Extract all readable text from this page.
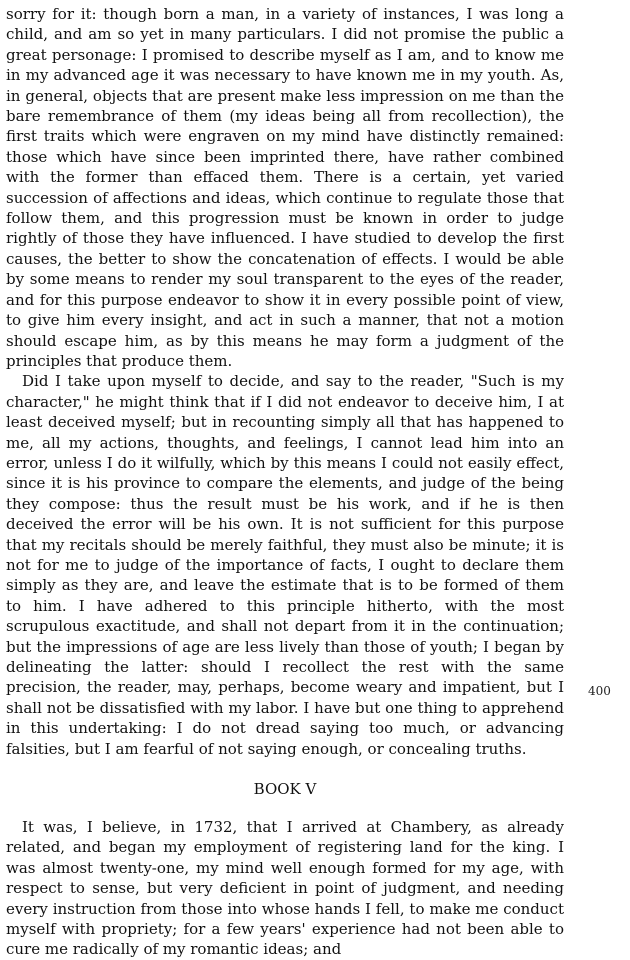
sorry for it: though born a man, in a variety of instances, I was long a child, and am so yet in many particulars. I did not promise the public a great personage: I promised to describe myself as I am, and to know me in my advanced age it was necessary to have known me in my youth. As, in general, objects that are present make less impression on me than the bare remembrance of them (my ideas being all from recollection), the first traits which were engraven on my mind have distinctly remained: those which have since been imprinted there, have rather combined with the former than effaced them. There is a certain, yet varied succession of affections and ideas, which continue to regulate those that follow them, and this progression must be known in order to judge rightly of those they have influenced. I have studied to develop the first causes, the better to show the concatenation of effects. I would be able by some means to render my soul transparent to the eyes of the reader, and for this purpose endeavor to show it in every possible point of view, to give him every insight, and act in such a manner, that not a motion should escape him, as by this means he may form a judgment of the principles that produce them.

Did I take upon myself to decide, and say to the reader, "Such is my character," he might think that if I did not endeavor to deceive him, I at least deceived myself; but in recounting simply all that has happened to me, all my actions, thoughts, and feelings, I cannot lead him into an error, unless I do it wilfully, which by this means I could not easily effect, since it is his province to compare the elements, and judge of the being they compose: thus the result must be his work, and if he is then deceived the error will be his own. It is not sufficient for this purpose that my recitals should be merely faithful, they must also be minute; it is not for me to judge of the importance of facts, I ought to declare them simply as they are, and leave the estimate that is to be formed of them to him. I have adhered to this principle hitherto, with the most scrupulous exactitude, and shall not depart from it in the continuation; but the impressions of age are less lively than those of youth; I began by delineating the latter: should I recollect the rest with the same precision, the reader, may, perhaps, become weary and impatient, but I shall not be dissatisfied with my labor. I have but one thing to apprehend in this undertaking: I do not dread saying too much, or advancing falsities, but I am fearful of not saying enough, or concealing truths.

BOOK V

It was, I believe, in 1732, that I arrived at Chambery, as already related, and began my employment of registering land for the king. I was almost twenty-one, my mind well enough formed for my age, with respect to sense, but very deficient in point of judgment, and needing every instruction from those into whose hands I fell, to make me conduct myself with propriety; for a few years' experience had not been able to cure me radically of my romantic ideas; and

400
